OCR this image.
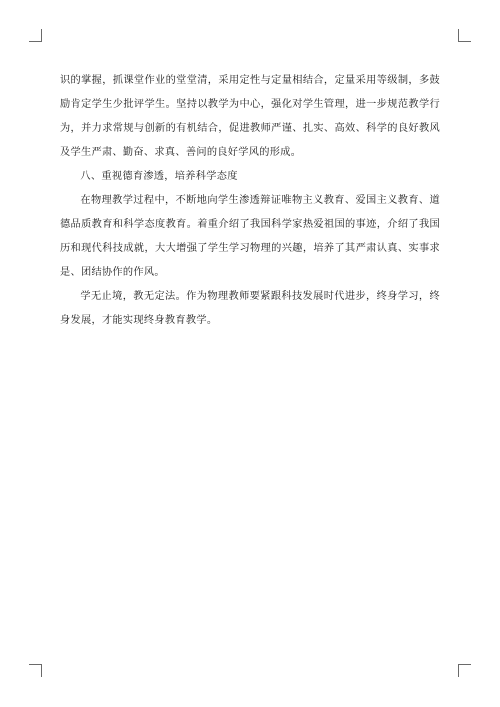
识的掌握，抓课堂作业的堂堂清，采用定性与定量相结合，定量采用等级制，多鼓励肯定学生少批评学生。坚持以教学为中心，强化对学生管理，进一步规范教学行为，并力求常规与创新的有机结合，促进教师严谨、扎实、高效、科学的良好教风及学生严肃、勤奋、求真、善问的良好学风的形成。

八、重视德育渗透，培养科学态度

在物理教学过程中，不断地向学生渗透辩证唯物主义教育、爱国主义教育、道德品质教育和科学态度教育。着重介绍了我国科学家热爱祖国的事迹，介绍了我国历和现代科技成就，大大增强了学生学习物理的兴趣，培养了其严肃认真、实事求是、团结协作的作风。

学无止境，教无定法。作为物理教师要紧跟科技发展时代进步，终身学习，终身发展，才能实现终身教育教学。
